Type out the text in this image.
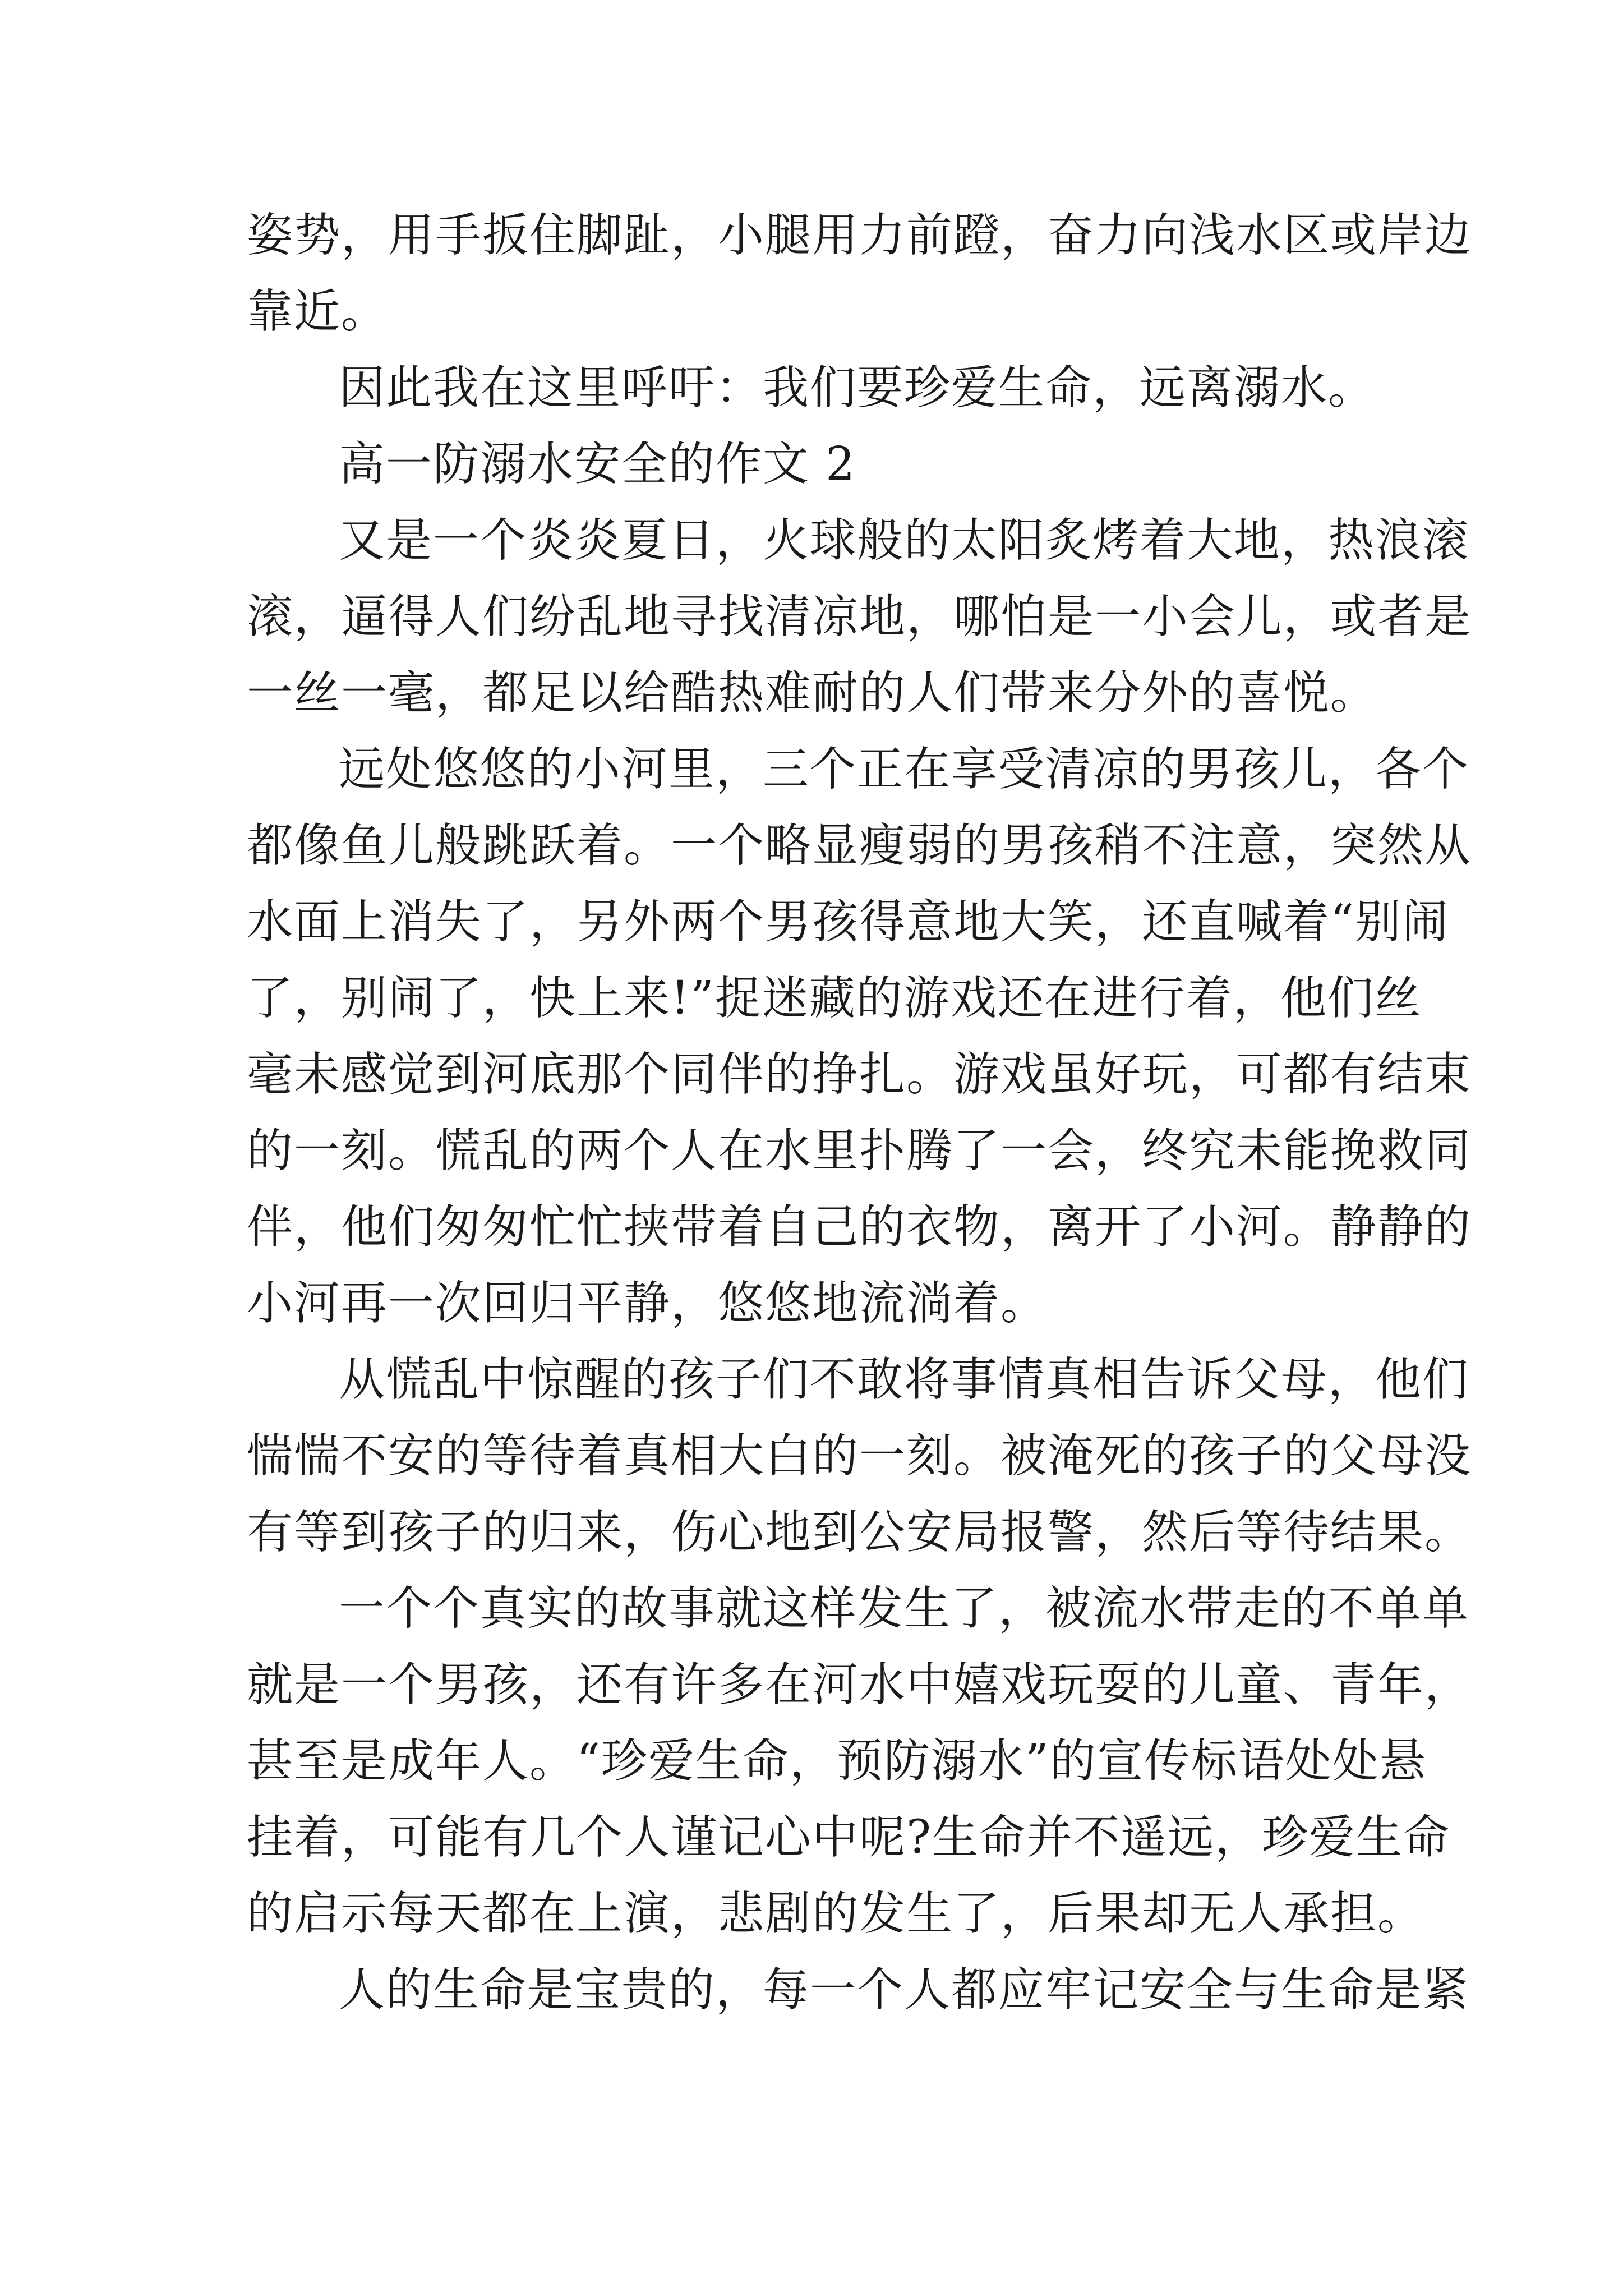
姿势，用手扳住脚趾，小腿用力前蹬，奋力向浅水区或岸边
靠近。
因此我在这里呼吁：我们要珍爱生命，远离溺水。
高一防溺水安全的作文 2
又是一个炎炎夏日，火球般的太阳炙烤着大地，热浪滚
滚，逼得人们纷乱地寻找清凉地，哪怕是一小会儿，或者是
一丝一毫，都足以给酷热难耐的人们带来分外的喜悦。
远处悠悠的小河里，三个正在享受清凉的男孩儿，各个
都像鱼儿般跳跃着。一个略显瘦弱的男孩稍不注意，突然从
水面上消失了，另外两个男孩得意地大笑，还直喊着“别闹
了，别闹了，快上来!”捉迷藏的游戏还在进行着，他们丝
毫未感觉到河底那个同伴的挣扎。游戏虽好玩，可都有结束
的一刻。慌乱的两个人在水里扑腾了一会，终究未能挽救同
伴，他们匆匆忙忙挟带着自己的衣物，离开了小河。静静的
小河再一次回归平静，悠悠地流淌着。
从慌乱中惊醒的孩子们不敢将事情真相告诉父母，他们
惴惴不安的等待着真相大白的一刻。被淹死的孩子的父母没
有等到孩子的归来，伤心地到公安局报警，然后等待结果。
一个个真实的故事就这样发生了，被流水带走的不单单
就是一个男孩，还有许多在河水中嬉戏玩耍的儿童、青年，
甚至是成年人。“珍爱生命，预防溺水”的宣传标语处处悬
挂着，可能有几个人谨记心中呢?生命并不遥远，珍爱生命
的启示每天都在上演，悲剧的发生了，后果却无人承担。
人的生命是宝贵的，每一个人都应牢记安全与生命是紧
